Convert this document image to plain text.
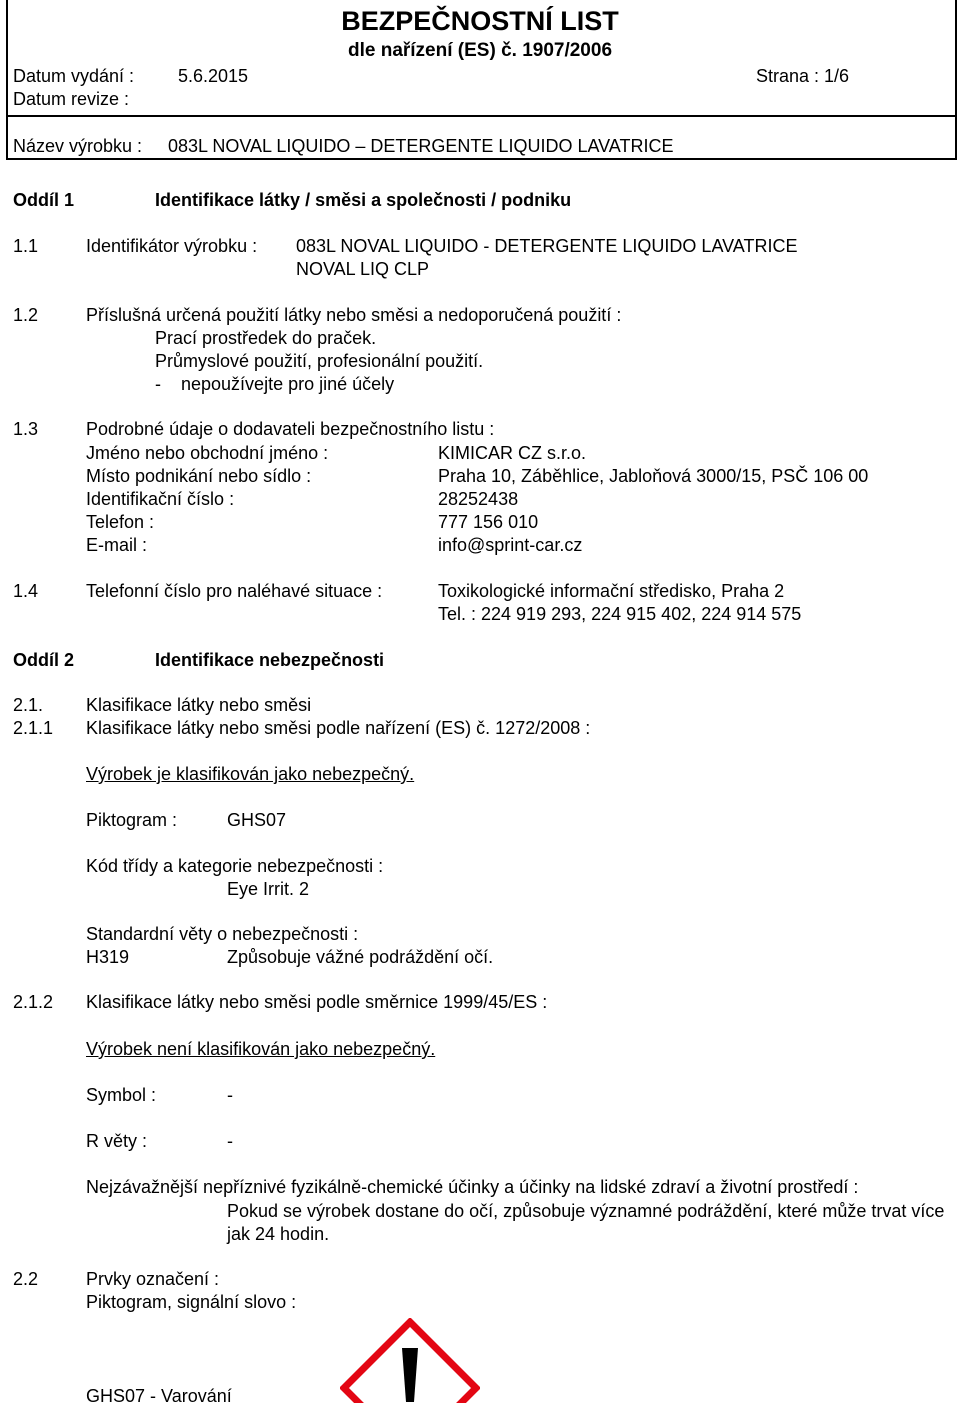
BEZPEČNOSTNÍ LIST
dle nařízení (ES) č. 1907/2006
Datum vydání : 5.6.2015	Strana : 1/6
Datum revize :
Název výrobku : 083L NOVAL LIQUIDO – DETERGENTE LIQUIDO LAVATRICE
Oddíl 1	Identifikace látky / směsi a společnosti / podniku
1.1	Identifikátor výrobku : 083L NOVAL LIQUIDO - DETERGENTE LIQUIDO LAVATRICE
NOVAL LIQ CLP
1.2	Příslušná určená použití látky nebo směsi a nedoporučená použití :
Prací prostředek do praček.
Průmyslové použití, profesionální použití.
-    nepoužívejte pro jiné účely
1.3	Podrobné údaje o dodavateli bezpečnostního listu :
Jméno nebo obchodní jméno :	KIMICAR CZ s.r.o.
Místo podnikání nebo sídlo :	Praha 10, Záběhlice, Jabloňová 3000/15, PSČ 106 00
Identifikační číslo :	28252438
Telefon :	777 156 010
E-mail :	info@sprint-car.cz
1.4	Telefonní číslo pro naléhavé situace :	Toxikologické informační středisko, Praha 2
Tel. : 224 919 293, 224 915 402, 224 914 575
Oddíl 2	Identifikace nebezpečnosti
2.1. Klasifikace látky nebo směsi
2.1.1 Klasifikace látky nebo směsi podle nařízení (ES) č. 1272/2008 :
Výrobek je klasifikován jako nebezpečný.
Piktogram :	GHS07
Kód třídy a kategorie nebezpečnosti :
Eye Irrit. 2
Standardní věty o nebezpečnosti :
H319	Způsobuje vážné podráždění očí.
2.1.2 Klasifikace látky nebo směsi podle směrnice 1999/45/ES :
Výrobek není klasifikován jako nebezpečný.
Symbol :	-
R věty :	-
Nejzávažnější nepříznivé fyzikálně-chemické účinky a účinky na lidské zdraví a životní prostředí :
Pokud se výrobek dostane do očí, způsobuje významné podráždění, které může trvat více jak 24 hodin.
2.2	Prvky označení :
Piktogram, signální slovo :
GHS07 - Varování
